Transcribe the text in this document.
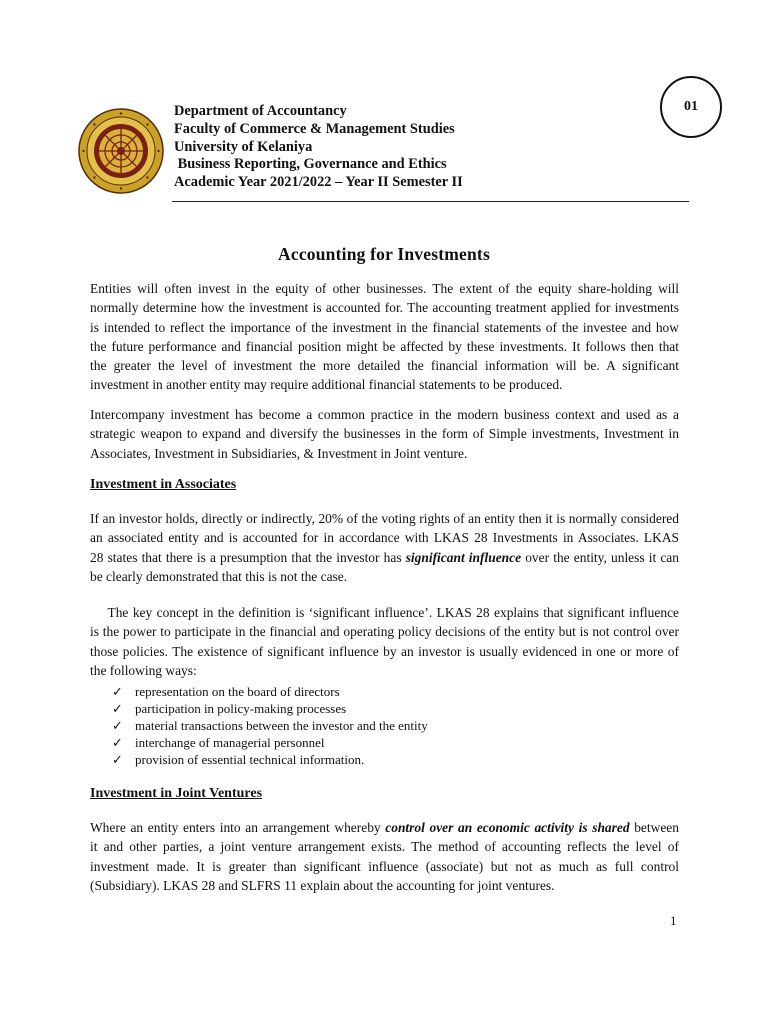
Department of Accountancy
Faculty of Commerce & Management Studies
University of Kelaniya
Business Reporting, Governance and Ethics
Academic Year 2021/2022 – Year II Semester II
01
Accounting for Investments
Entities will often invest in the equity of other businesses. The extent of the equity share-holding will
normally determine how the investment is accounted for. The accounting treatment applied for investments
is intended to reflect the importance of the investment in the financial statements of the investee and how
the future performance and financial position might be affected by these investments. It follows then that
the greater the level of investment the more detailed the financial information will be. A significant
investment in another entity may require additional financial statements to be produced.
Intercompany investment has become a common practice in the modern business context and used as a
strategic weapon to expand and diversify the businesses in the form of Simple investments, Investment in
Associates, Investment in Subsidiaries, & Investment in Joint venture.
Investment in Associates
If an investor holds, directly or indirectly, 20% of the voting rights of an entity then it is normally considered
an associated entity and is accounted for in accordance with LKAS 28 Investments in Associates. LKAS
28 states that there is a presumption that the investor has significant influence over the entity, unless it can
be clearly demonstrated that this is not the case.
The key concept in the definition is ‘significant influence’. LKAS 28 explains that significant influence
is the power to participate in the financial and operating policy decisions of the entity but is not control over
those policies. The existence of significant influence by an investor is usually evidenced in one or more of
the following ways:
✓ representation on the board of directors
✓ participation in policy-making processes
✓ material transactions between the investor and the entity
✓ interchange of managerial personnel
✓ provision of essential technical information.
Investment in Joint Ventures
Where an entity enters into an arrangement whereby control over an economic activity is shared between
it and other parties, a joint venture arrangement exists. The method of accounting reflects the level of
investment made. It is greater than significant influence (associate) but not as much as full control
(Subsidiary). LKAS 28 and SLFRS 11 explain about the accounting for joint ventures.
1
